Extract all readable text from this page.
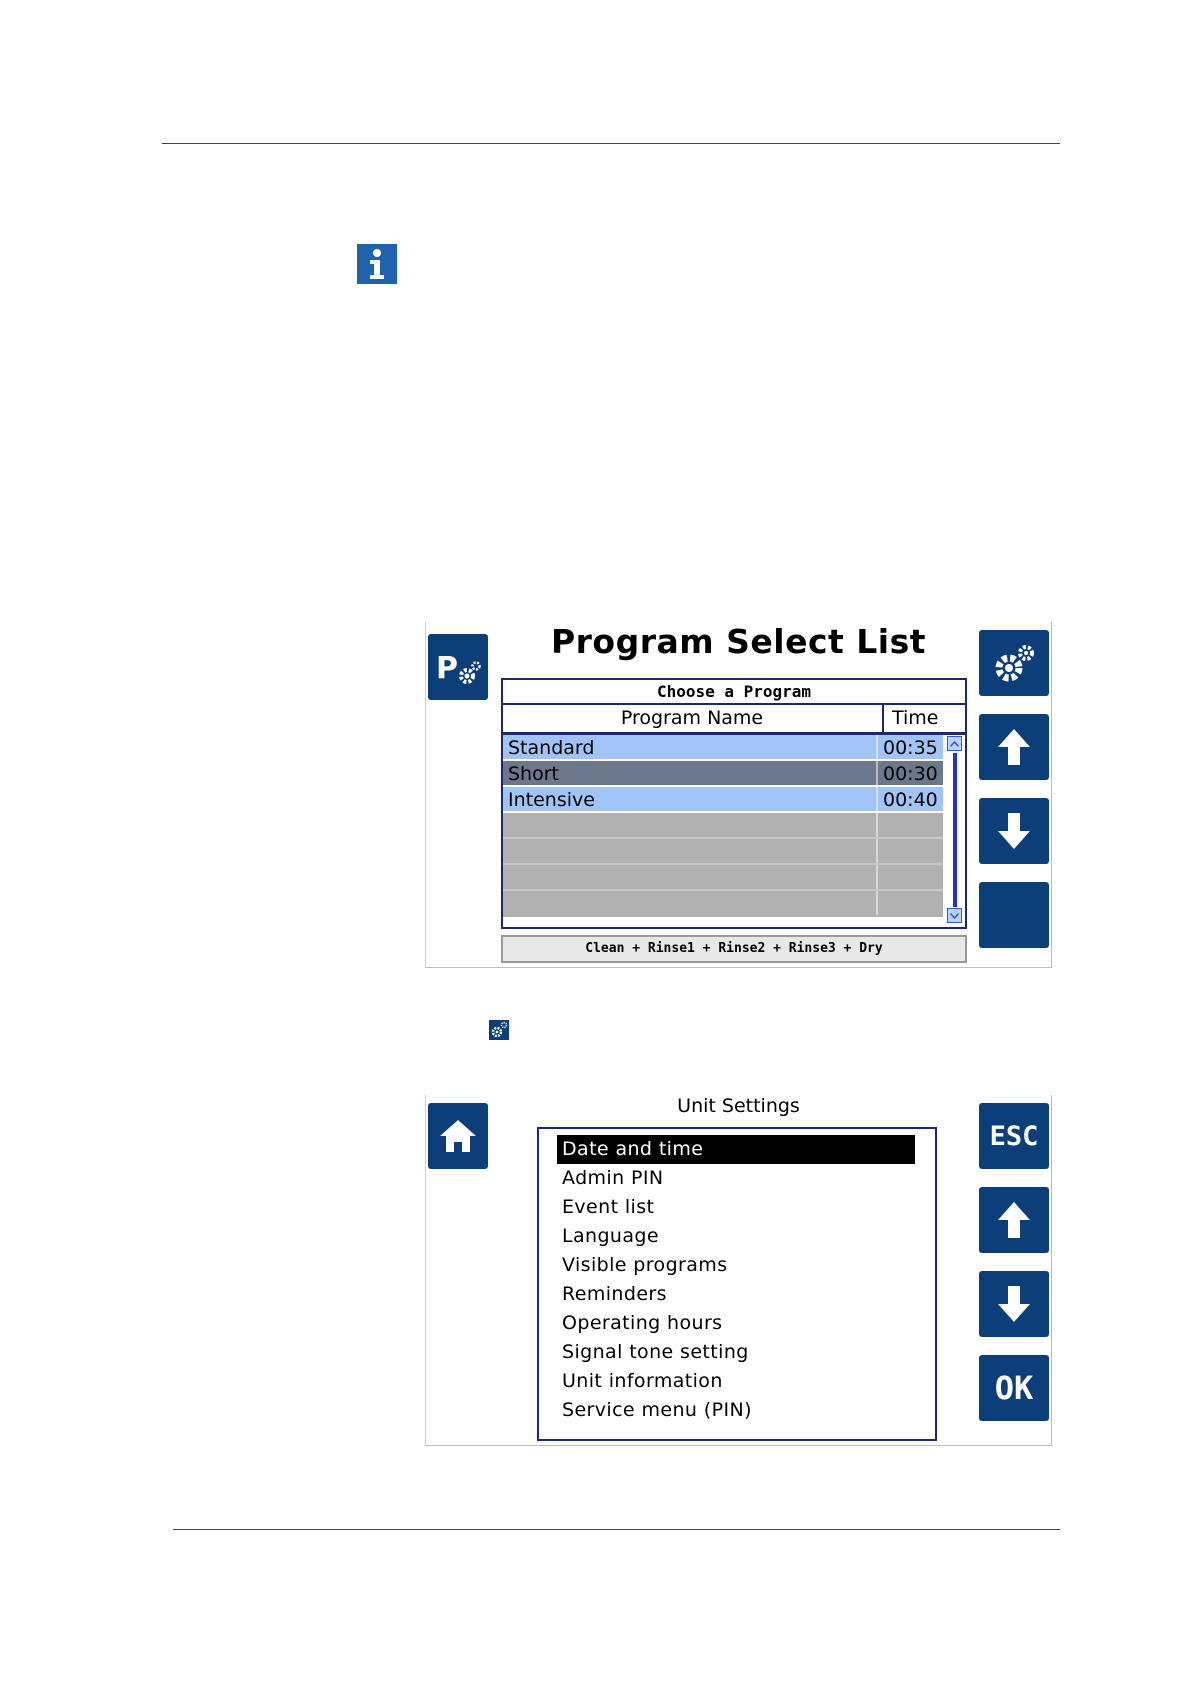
P
Program Select List
Choose a Program
Program Name	Time
Standard	00:35
Short	00:30
Intensive	00:40
Clean + Rinse1 + Rinse2 + Rinse3 + Dry
Unit Settings
Date and time
Admin PIN
Event list
Language
Visible programs
Reminders
Operating hours
Signal tone setting
Unit information
Service menu (PIN)
ESC
OK
